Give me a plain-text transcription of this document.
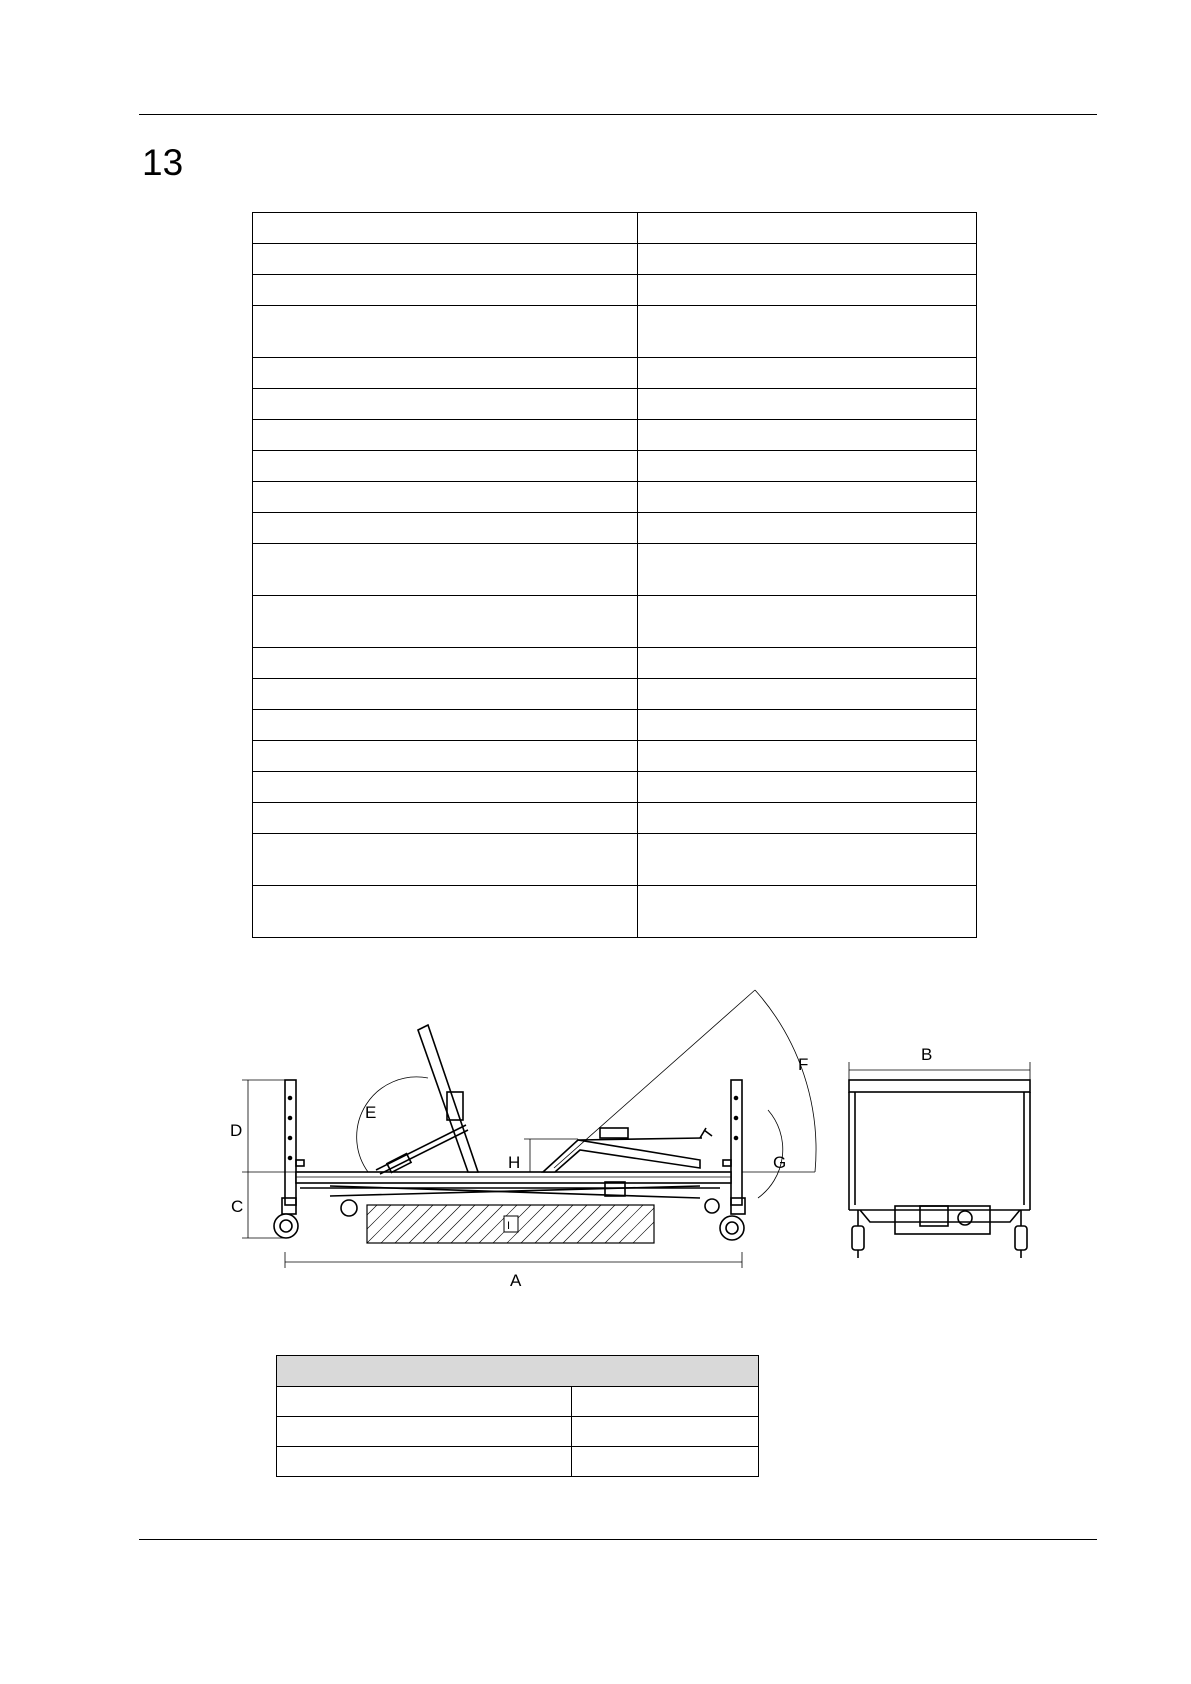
13

A
B
C
D
E
F
G
H
I
